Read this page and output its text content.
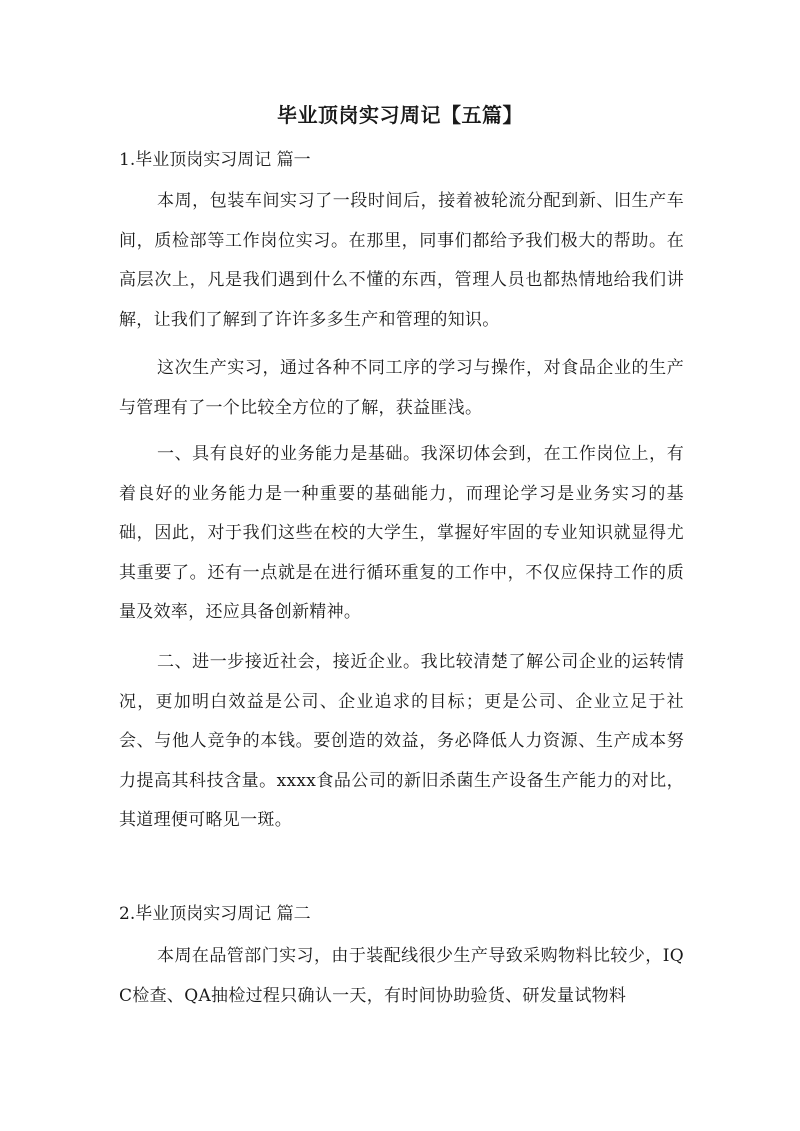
毕业顶岗实习周记【五篇】
1.毕业顶岗实习周记 篇一
本周，包装车间实习了一段时间后，接着被轮流分配到新、旧生产车间，质检部等工作岗位实习。在那里，同事们都给予我们极大的帮助。在高层次上，凡是我们遇到什么不懂的东西，管理人员也都热情地给我们讲解，让我们了解到了许许多多生产和管理的知识。
这次生产实习，通过各种不同工序的学习与操作，对食品企业的生产与管理有了一个比较全方位的了解，获益匪浅。
一、具有良好的业务能力是基础。我深切体会到，在工作岗位上，有着良好的业务能力是一种重要的基础能力，而理论学习是业务实习的基础，因此，对于我们这些在校的大学生，掌握好牢固的专业知识就显得尤其重要了。还有一点就是在进行循环重复的工作中，不仅应保持工作的质量及效率，还应具备创新精神。
二、进一步接近社会，接近企业。我比较清楚了解公司企业的运转情况，更加明白效益是公司、企业追求的目标；更是公司、企业立足于社会、与他人竞争的本钱。要创造的效益，务必降低人力资源、生产成本努力提高其科技含量。xxxx食品公司的新旧杀菌生产设备生产能力的对比，其道理便可略见一斑。
2.毕业顶岗实习周记 篇二
本周在品管部门实习，由于装配线很少生产导致采购物料比较少，IQC检查、QA抽检过程只确认一天，有时间协助验货、研发量试物料
